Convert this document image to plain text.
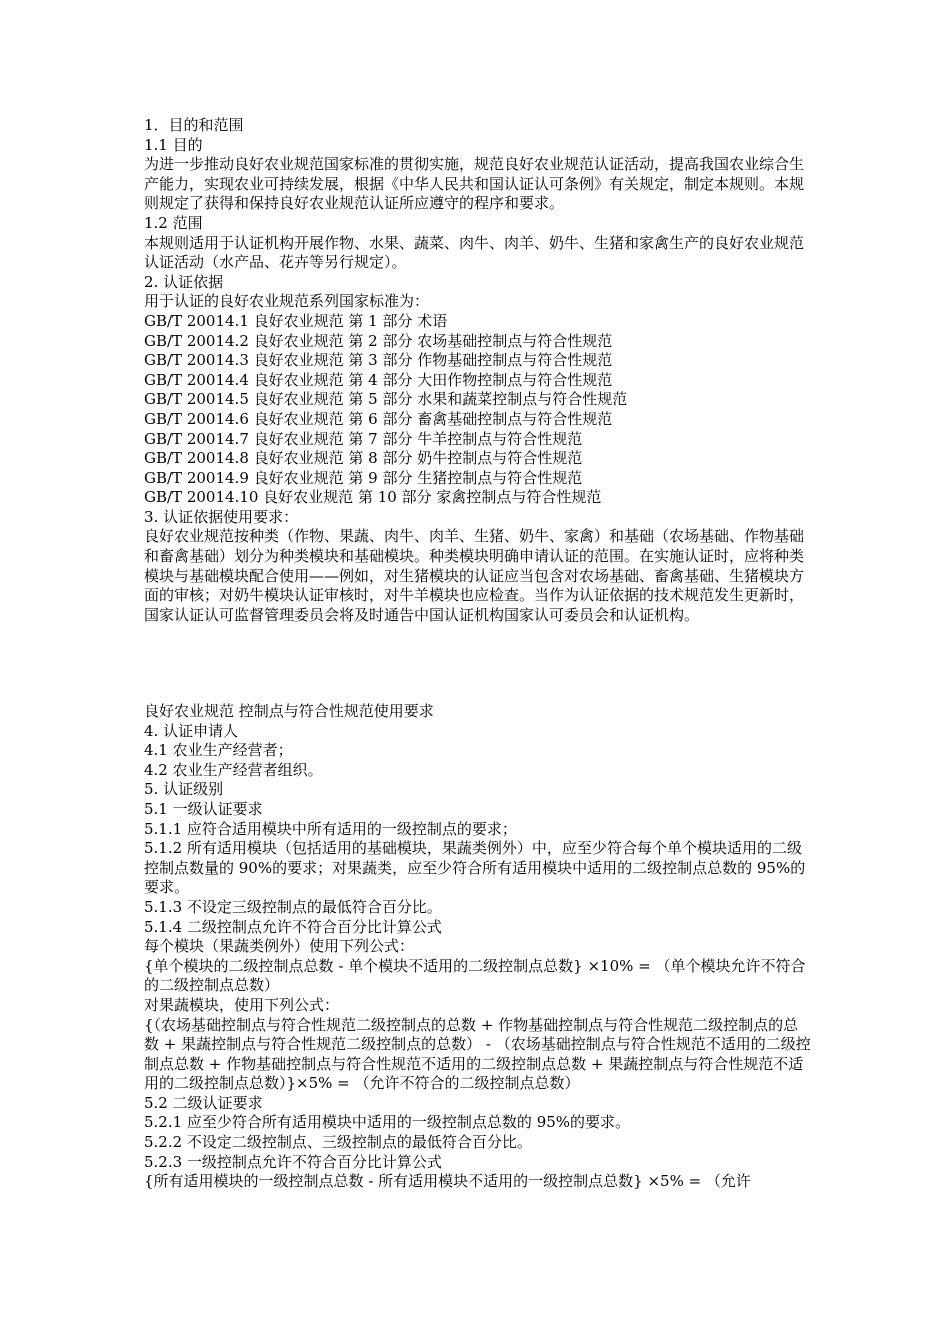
1．目的和范围

1.1 目的

为进一步推动良好农业规范国家标准的贯彻实施，规范良好农业规范认证活动，提高我国农业综合生产能力，实现农业可持续发展，根据《中华人民共和国认证认可条例》有关规定，制定本规则。本规则规定了获得和保持良好农业规范认证所应遵守的程序和要求。

1.2 范围

本规则适用于认证机构开展作物、水果、蔬菜、肉牛、肉羊、奶牛、生猪和家禽生产的良好农业规范认证活动（水产品、花卉等另行规定）。

2. 认证依据

用于认证的良好农业规范系列国家标准为：

GB/T 20014.1 良好农业规范 第 1 部分 术语

GB/T 20014.2 良好农业规范 第 2 部分 农场基础控制点与符合性规范

GB/T 20014.3 良好农业规范 第 3 部分 作物基础控制点与符合性规范

GB/T 20014.4 良好农业规范 第 4 部分 大田作物控制点与符合性规范

GB/T 20014.5 良好农业规范 第 5 部分 水果和蔬菜控制点与符合性规范

GB/T 20014.6 良好农业规范 第 6 部分 畜禽基础控制点与符合性规范

GB/T 20014.7 良好农业规范 第 7 部分 牛羊控制点与符合性规范

GB/T 20014.8 良好农业规范 第 8 部分 奶牛控制点与符合性规范

GB/T 20014.9 良好农业规范 第 9 部分 生猪控制点与符合性规范

GB/T 20014.10 良好农业规范 第 10 部分 家禽控制点与符合性规范

3. 认证依据使用要求：

良好农业规范按种类（作物、果蔬、肉牛、肉羊、生猪、奶牛、家禽）和基础（农场基础、作物基础和畜禽基础）划分为种类模块和基础模块。种类模块明确申请认证的范围。在实施认证时，应将种类模块与基础模块配合使用——例如，对生猪模块的认证应当包含对农场基础、畜禽基础、生猪模块方面的审核；对奶牛模块认证审核时，对牛羊模块也应检查。当作为认证依据的技术规范发生更新时，国家认证认可监督管理委员会将及时通告中国认证机构国家认可委员会和认证机构。

良好农业规范 控制点与符合性规范使用要求

4. 认证申请人

4.1 农业生产经营者；

4.2 农业生产经营者组织。

5. 认证级别

5.1 一级认证要求

5.1.1 应符合适用模块中所有适用的一级控制点的要求；

5.1.2 所有适用模块（包括适用的基础模块，果蔬类例外）中，应至少符合每个单个模块适用的二级控制点数量的 90%的要求；对果蔬类，应至少符合所有适用模块中适用的二级控制点总数的 95%的要求。

5.1.3 不设定三级控制点的最低符合百分比。

5.1.4 二级控制点允许不符合百分比计算公式

每个模块（果蔬类例外）使用下列公式：

{单个模块的二级控制点总数 - 单个模块不适用的二级控制点总数} ×10% = （单个模块允许不符合的二级控制点总数）

对果蔬模块，使用下列公式：

{（农场基础控制点与符合性规范二级控制点的总数 + 作物基础控制点与符合性规范二级控制点的总数 + 果蔬控制点与符合性规范二级控制点的总数） - （农场基础控制点与符合性规范不适用的二级控制点总数 + 作物基础控制点与符合性规范不适用的二级控制点总数 + 果蔬控制点与符合性规范不适用的二级控制点总数）}×5% = （允许不符合的二级控制点总数）

5.2 二级认证要求

5.2.1 应至少符合所有适用模块中适用的一级控制点总数的 95%的要求。

5.2.2 不设定二级控制点、三级控制点的最低符合百分比。

5.2.3 一级控制点允许不符合百分比计算公式

{所有适用模块的一级控制点总数 - 所有适用模块不适用的一级控制点总数} ×5% = （允许
